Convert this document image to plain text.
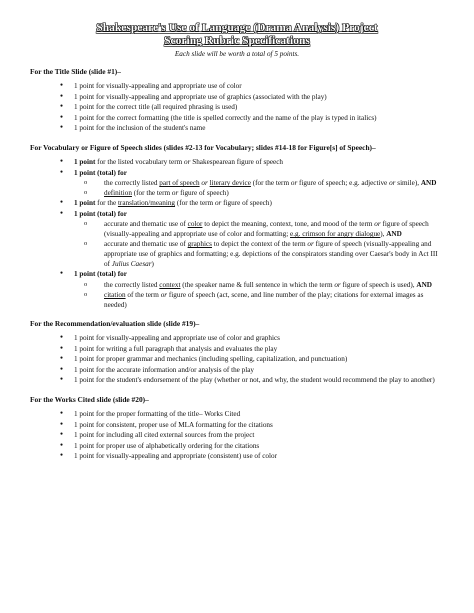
Shakespeare's Use of Language (Drama Analysis) Project
Scoring Rubric Specifications
Each slide will be worth a total of 5 points.
For the Title Slide (slide #1)–
● 1 point for visually-appealing and appropriate use of color
● 1 point for visually-appealing and appropriate use of graphics (associated with the play)
● 1 point for the correct title (all required phrasing is used)
● 1 point for the correct formatting (the title is spelled correctly and the name of the play is typed in italics)
● 1 point for the inclusion of the student's name
For Vocabulary or Figure of Speech slides (slides #2-13 for Vocabulary; slides #14-18 for Figure[s] of Speech)–
● 1 point for the listed vocabulary term or Shakespearean figure of speech
● 1 point (total) for
o the correctly listed part of speech or literary device (for the term or figure of speech; e.g. adjective or simile), AND
o definition (for the term or figure of speech)
● 1 point for the translation/meaning (for the term or figure of speech)
● 1 point (total) for
o accurate and thematic use of color to depict the meaning, context, tone, and mood of the term or figure of speech (visually-appealing and appropriate use of color and formatting; e.g. crimson for angry dialogue), AND
o accurate and thematic use of graphics to depict the context of the term or figure of speech (visually-appealing and appropriate use of graphics and formatting; e.g. depictions of the conspirators standing over Caesar's body in Act III of Julius Caesar)
● 1 point (total) for
o the correctly listed context (the speaker name & full sentence in which the term or figure of speech is used), AND
o citation of the term or figure of speech (act, scene, and line number of the play; citations for external images as needed)
For the Recommendation/evaluation slide (slide #19)–
● 1 point for visually-appealing and appropriate use of color and graphics
● 1 point for writing a full paragraph that analysis and evaluates the play
● 1 point for proper grammar and mechanics (including spelling, capitalization, and punctuation)
● 1 point for the accurate information and/or analysis of the play
● 1 point for the student's endorsement of the play (whether or not, and why, the student would recommend the play to another)
For the Works Cited slide (slide #20)–
● 1 point for the proper formatting of the title– Works Cited
● 1 point for consistent, proper use of MLA formatting for the citations
● 1 point for including all cited external sources from the project
● 1 point for proper use of alphabetically ordering for the citations
● 1 point for visually-appealing and appropriate (consistent) use of color
